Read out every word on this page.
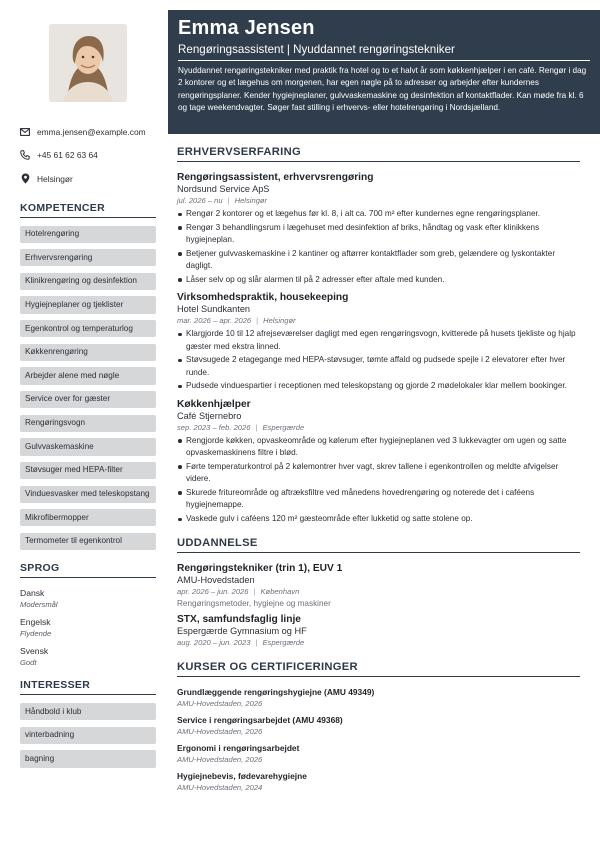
emma.jensen@example.com
+45 61 62 63 64
Helsingør
KOMPETENCER
Hotelrengøring
Erhvervsrengøring
Klinikrengøring og desinfektion
Hygiejneplaner og tjeklister
Egenkontrol og temperaturlog
Køkkenrengøring
Arbejder alene med nøgle
Service over for gæster
Rengøringsvogn
Gulvvaskemaskine
Støvsuger med HEPA-filter
Vinduesvasker med teleskopstang
Mikrofibermopper
Termometer til egenkontrol
SPROG
Dansk
Modersmål
Engelsk
Flydende
Svensk
Godt
INTERESSER
Håndbold i klub
vinterbadning
bagning
Emma Jensen
Rengøringsassistent | Nyuddannet rengøringstekniker
Nyuddannet rengøringstekniker med praktik fra hotel og to et halvt år som køkkenhjælper i en café. Rengør i dag 2 kontorer og et lægehus om morgenen, har egen nøgle på to adresser og arbejder efter kundernes rengøringsplaner. Kender hygiejneplaner, gulvvaskemaskine og desinfektion af kontaktflader. Kan møde fra kl. 6 og tage weekendvagter. Søger fast stilling i erhvervs- eller hotelrengøring i Nordsjælland.
ERHVERVSERFARING
Rengøringsassistent, erhvervsrengøring
Nordsund Service ApS
jul. 2026 – nu | Helsingør
Rengør 2 kontorer og et lægehus før kl. 8, i alt ca. 700 m² efter kundernes egne rengøringsplaner.
Rengør 3 behandlingsrum i lægehuset med desinfektion af briks, håndtag og vask efter klinikkens hygiejneplan.
Betjener gulvvaskemaskine i 2 kantiner og aftørrer kontaktflader som greb, gelændere og lyskontakter dagligt.
Låser selv op og slår alarmen til på 2 adresser efter aftale med kunden.
Virksomhedspraktik, housekeeping
Hotel Sundkanten
mar. 2026 – apr. 2026 | Helsingør
Klargjorde 10 til 12 afrejseværelser dagligt med egen rengøringsvogn, kvitterede på husets tjekliste og hjalp gæster med ekstra linned.
Støvsugede 2 etagegange med HEPA-støvsuger, tømte affald og pudsede spejle i 2 elevatorer efter hver runde.
Pudsede vinduespartier i receptionen med teleskopstang og gjorde 2 mødelokaler klar mellem bookinger.
Køkkenhjælper
Café Stjernebro
sep. 2023 – feb. 2026 | Espergærde
Rengjorde køkken, opvaskeområde og kølerum efter hygiejneplanen ved 3 lukkevagter om ugen og satte opvaskemaskinens filtre i blød.
Førte temperaturkontrol på 2 kølemontrer hver vagt, skrev tallene i egenkontrollen og meldte afvigelser videre.
Skurede fritureområde og aftræksfiltre ved månedens hovedrengøring og noterede det i caféens hygiejnemappe.
Vaskede gulv i caféens 120 m² gæsteområde efter lukketid og satte stolene op.
UDDANNELSE
Rengøringstekniker (trin 1), EUV 1
AMU-Hovedstaden
apr. 2026 – jun. 2026 | København
Rengøringsmetoder, hygiejne og maskiner
STX, samfundsfaglig linje
Espergærde Gymnasium og HF
aug. 2020 – jun. 2023 | Espergærde
KURSER OG CERTIFICERINGER
Grundlæggende rengøringshygiejne (AMU 49349)
AMU-Hovedstaden, 2026
Service i rengøringsarbejdet (AMU 49368)
AMU-Hovedstaden, 2026
Ergonomi i rengøringsarbejdet
AMU-Hovedstaden, 2026
Hygiejnebevis, fødevarehygiejne
AMU-Hovedstaden, 2024
